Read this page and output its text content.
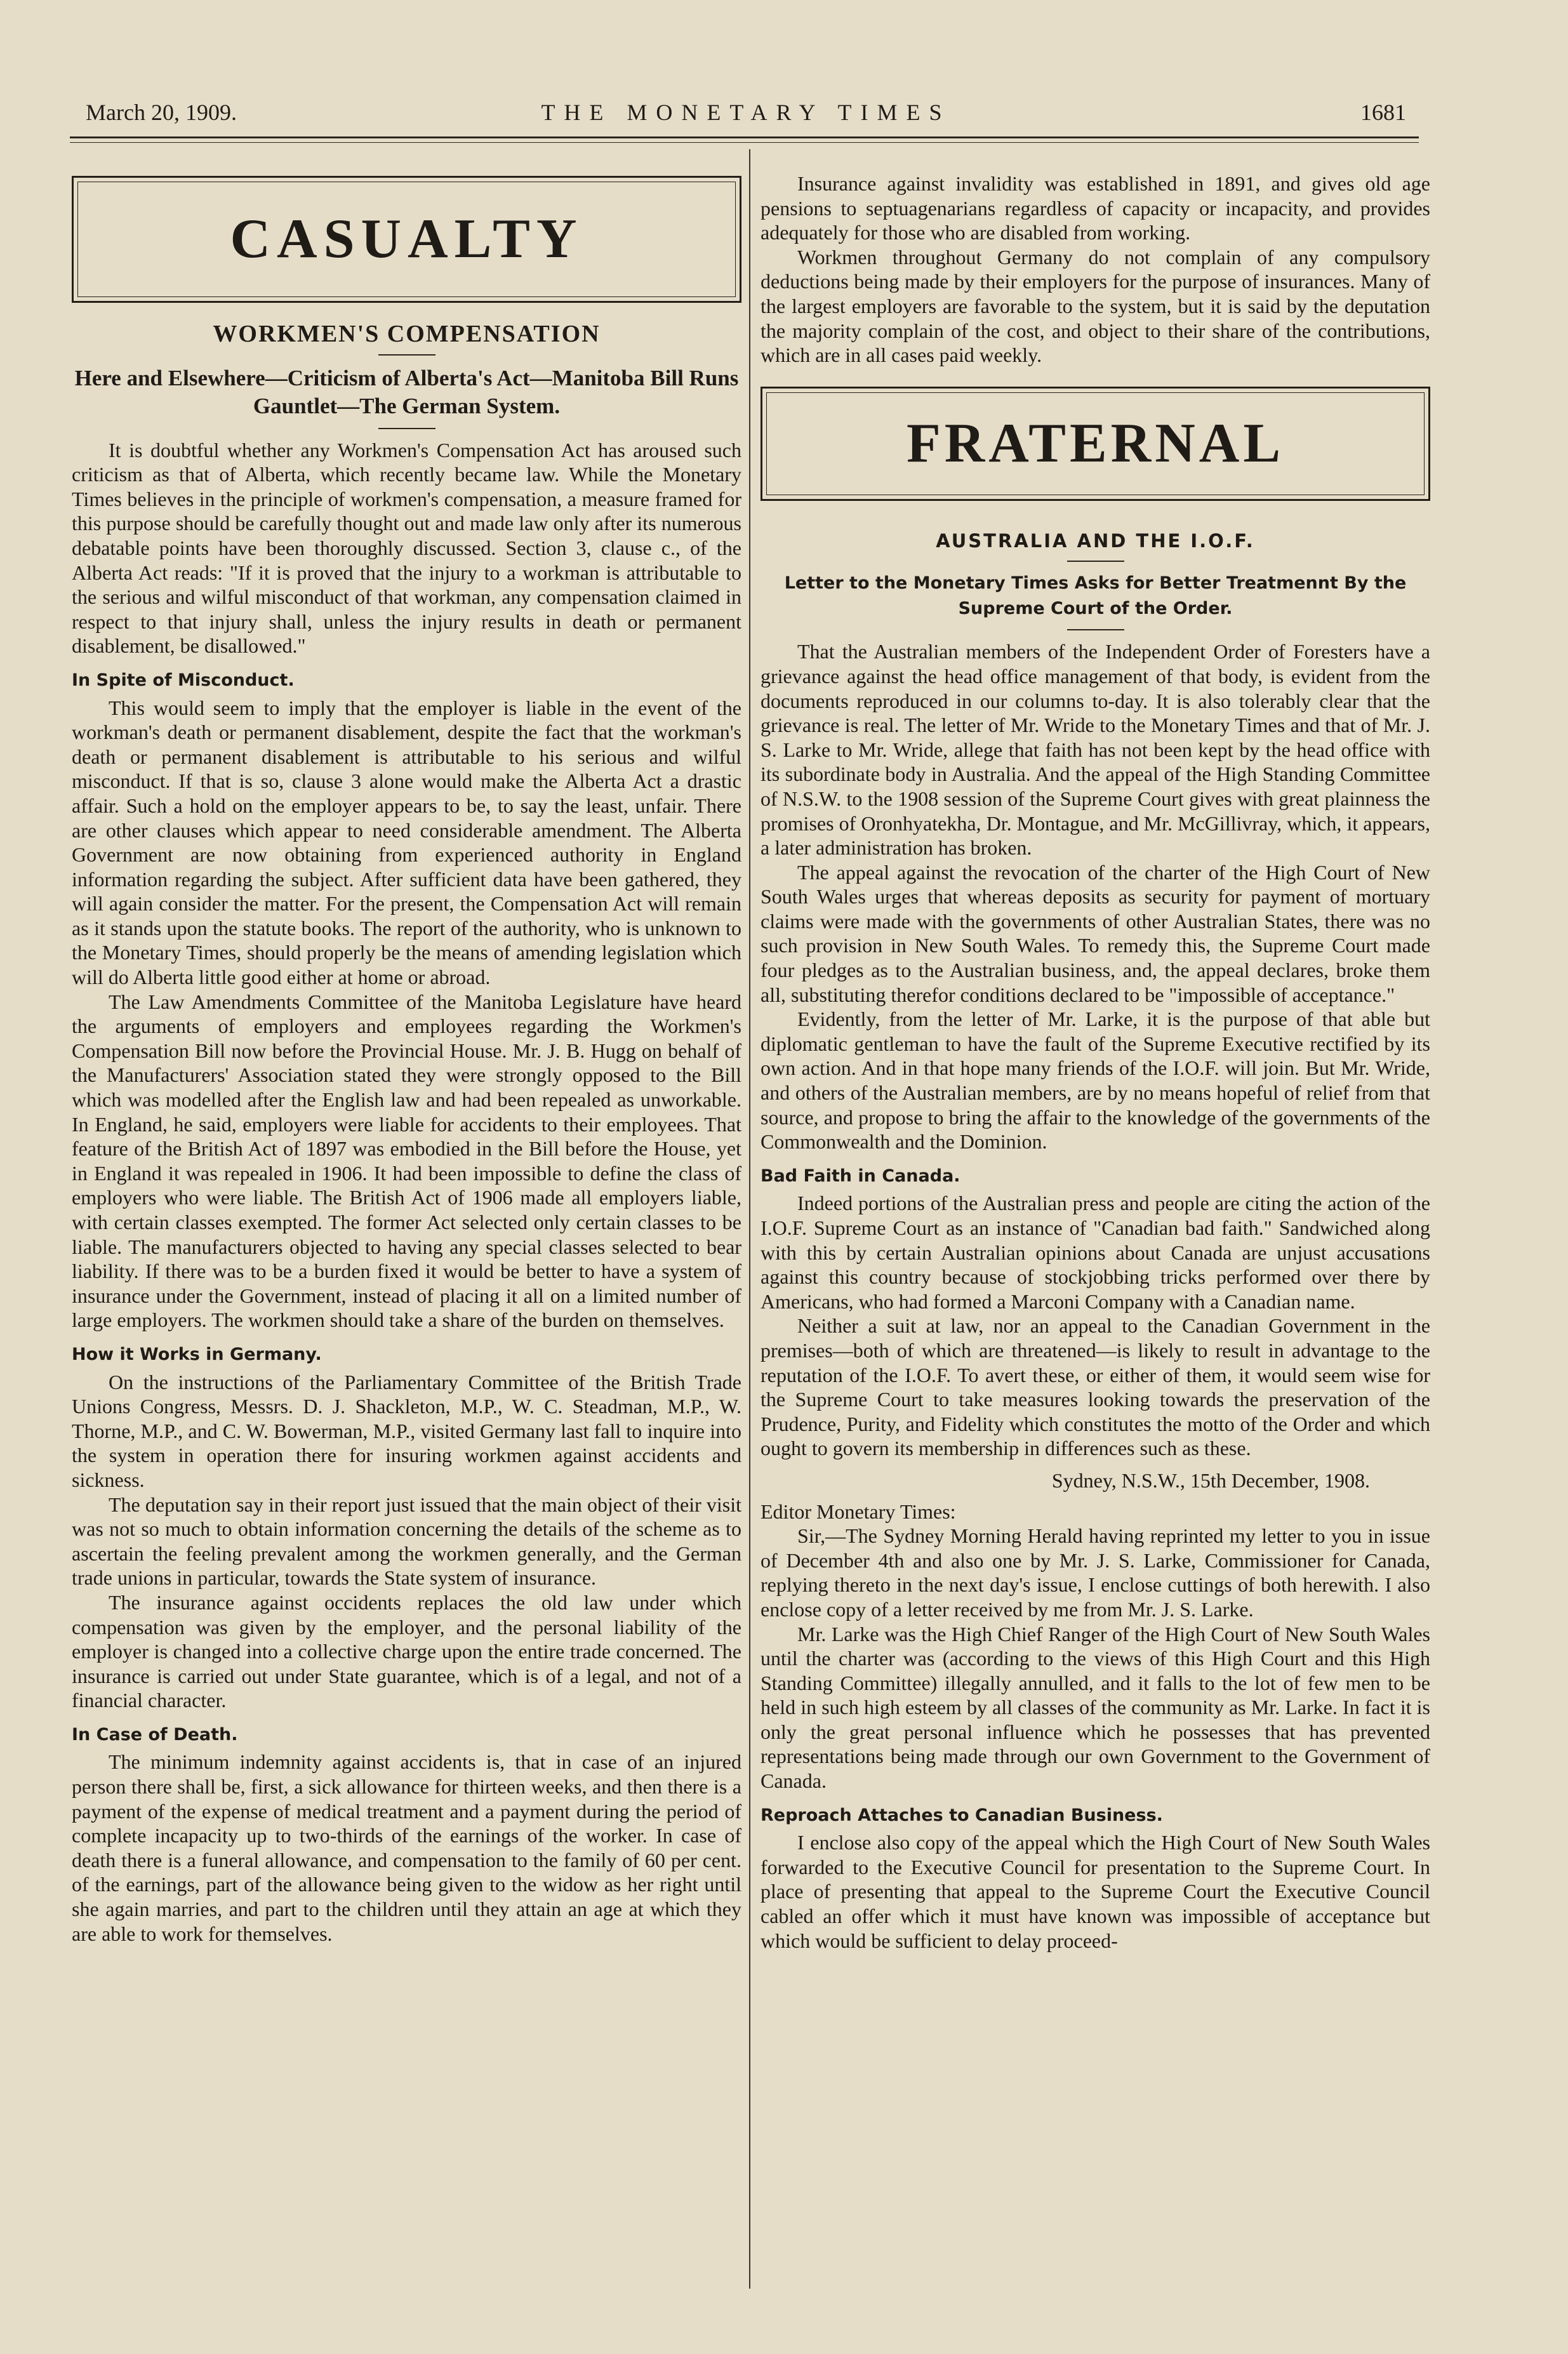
March 20, 1909.	THE MONETARY TIMES	1681
CASUALTY
WORKMEN'S COMPENSATION
Here and Elsewhere—Criticism of Alberta's Act—Manitoba Bill Runs Gauntlet—The German System.

It is doubtful whether any Workmen's Compensation Act has aroused such criticism as that of Alberta, which recently became law. While the Monetary Times believes in the principle of workmen's compensation, a measure framed for this purpose should be carefully thought out and made law only after its numerous debatable points have been thoroughly discussed. Section 3, clause c., of the Alberta Act reads: "If it is proved that the injury to a workman is attributable to the serious and wilful misconduct of that workman, any compensation claimed in respect to that injury shall, unless the injury results in death or permanent disablement, be disallowed."

In Spite of Misconduct.

This would seem to imply that the employer is liable in the event of the workman's death or permanent disablement, despite the fact that the workman's death or permanent disablement is attributable to his serious and wilful misconduct. If that is so, clause 3 alone would make the Alberta Act a drastic affair. Such a hold on the employer appears to be, to say the least, unfair. There are other clauses which appear to need considerable amendment. The Alberta Government are now obtaining from experienced authority in England information regarding the subject. After sufficient data have been gathered, they will again consider the matter. For the present, the Compensation Act will remain as it stands upon the statute books. The report of the authority, who is unknown to the Monetary Times, should properly be the means of amending legislation which will do Alberta little good either at home or abroad.

The Law Amendments Committee of the Manitoba Legislature have heard the arguments of employers and employees regarding the Workmen's Compensation Bill now before the Provincial House. Mr. J. B. Hugg on behalf of the Manufacturers' Association stated they were strongly opposed to the Bill which was modelled after the English law and had been repealed as unworkable. In England, he said, employers were liable for accidents to their employees. That feature of the British Act of 1897 was embodied in the Bill before the House, yet in England it was repealed in 1906. It had been impossible to define the class of employers who were liable. The British Act of 1906 made all employers liable, with certain classes exempted. The former Act selected only certain classes to be liable. The manufacturers objected to having any special classes selected to bear liability. If there was to be a burden fixed it would be better to have a system of insurance under the Government, instead of placing it all on a limited number of large employers. The workmen should take a share of the burden on themselves.

How it Works in Germany.

On the instructions of the Parliamentary Committee of the British Trade Unions Congress, Messrs. D. J. Shackleton, M.P., W. C. Steadman, M.P., W. Thorne, M.P., and C. W. Bowerman, M.P., visited Germany last fall to inquire into the system in operation there for insuring workmen against accidents and sickness.

The deputation say in their report just issued that the main object of their visit was not so much to obtain information concerning the details of the scheme as to ascertain the feeling prevalent among the workmen generally, and the German trade unions in particular, towards the State system of insurance.

The insurance against occidents replaces the old law under which compensation was given by the employer, and the personal liability of the employer is changed into a collective charge upon the entire trade concerned. The insurance is carried out under State guarantee, which is of a legal, and not of a financial character.

In Case of Death.

The minimum indemnity against accidents is, that in case of an injured person there shall be, first, a sick allowance for thirteen weeks, and then there is a payment of the expense of medical treatment and a payment during the period of complete incapacity up to two-thirds of the earnings of the worker. In case of death there is a funeral allowance, and compensation to the family of 60 per cent. of the earnings, part of the allowance being given to the widow as her right until she again marries, and part to the children until they attain an age at which they are able to work for themselves.

Insurance against invalidity was established in 1891, and gives old age pensions to septuagenarians regardless of capacity or incapacity, and provides adequately for those who are disabled from working.

Workmen throughout Germany do not complain of any compulsory deductions being made by their employers for the purpose of insurances. Many of the largest employers are favorable to the system, but it is said by the deputation the majority complain of the cost, and object to their share of the contributions, which are in all cases paid weekly.

FRATERNAL
AUSTRALIA AND THE I.O.F.
Letter to the Monetary Times Asks for Better Treatmennt By the Supreme Court of the Order.

That the Australian members of the Independent Order of Foresters have a grievance against the head office management of that body, is evident from the documents reproduced in our columns to-day. It is also tolerably clear that the grievance is real. The letter of Mr. Wride to the Monetary Times and that of Mr. J. S. Larke to Mr. Wride, allege that faith has not been kept by the head office with its subordinate body in Australia. And the appeal of the High Standing Committee of N.S.W. to the 1908 session of the Supreme Court gives with great plainness the promises of Oronhyatekha, Dr. Montague, and Mr. McGillivray, which, it appears, a later administration has broken.

The appeal against the revocation of the charter of the High Court of New South Wales urges that whereas deposits as security for payment of mortuary claims were made with the governments of other Australian States, there was no such provision in New South Wales. To remedy this, the Supreme Court made four pledges as to the Australian business, and, the appeal declares, broke them all, substituting therefor conditions declared to be "impossible of acceptance."

Evidently, from the letter of Mr. Larke, it is the purpose of that able but diplomatic gentleman to have the fault of the Supreme Executive rectified by its own action. And in that hope many friends of the I.O.F. will join. But Mr. Wride, and others of the Australian members, are by no means hopeful of relief from that source, and propose to bring the affair to the knowledge of the governments of the Commonwealth and the Dominion.

Bad Faith in Canada.

Indeed portions of the Australian press and people are citing the action of the I.O.F. Supreme Court as an instance of "Canadian bad faith." Sandwiched along with this by certain Australian opinions about Canada are unjust accusations against this country because of stockjobbing tricks performed over there by Americans, who had formed a Marconi Company with a Canadian name.

Neither a suit at law, nor an appeal to the Canadian Government in the premises—both of which are threatened—is likely to result in advantage to the reputation of the I.O.F. To avert these, or either of them, it would seem wise for the Supreme Court to take measures looking towards the preservation of the Prudence, Purity, and Fidelity which constitutes the motto of the Order and which ought to govern its membership in differences such as these.

Sydney, N.S.W., 15th December, 1908.

Editor Monetary Times:

Sir,—The Sydney Morning Herald having reprinted my letter to you in issue of December 4th and also one by Mr. J. S. Larke, Commissioner for Canada, replying thereto in the next day's issue, I enclose cuttings of both herewith. I also enclose copy of a letter received by me from Mr. J. S. Larke.

Mr. Larke was the High Chief Ranger of the High Court of New South Wales until the charter was (according to the views of this High Court and this High Standing Committee) illegally annulled, and it falls to the lot of few men to be held in such high esteem by all classes of the community as Mr. Larke. In fact it is only the great personal influence which he possesses that has prevented representations being made through our own Government to the Government of Canada.

Reproach Attaches to Canadian Business.

I enclose also copy of the appeal which the High Court of New South Wales forwarded to the Executive Council for presentation to the Supreme Court. In place of presenting that appeal to the Supreme Court the Executive Council cabled an offer which it must have known was impossible of acceptance but which would be sufficient to delay proceed-
